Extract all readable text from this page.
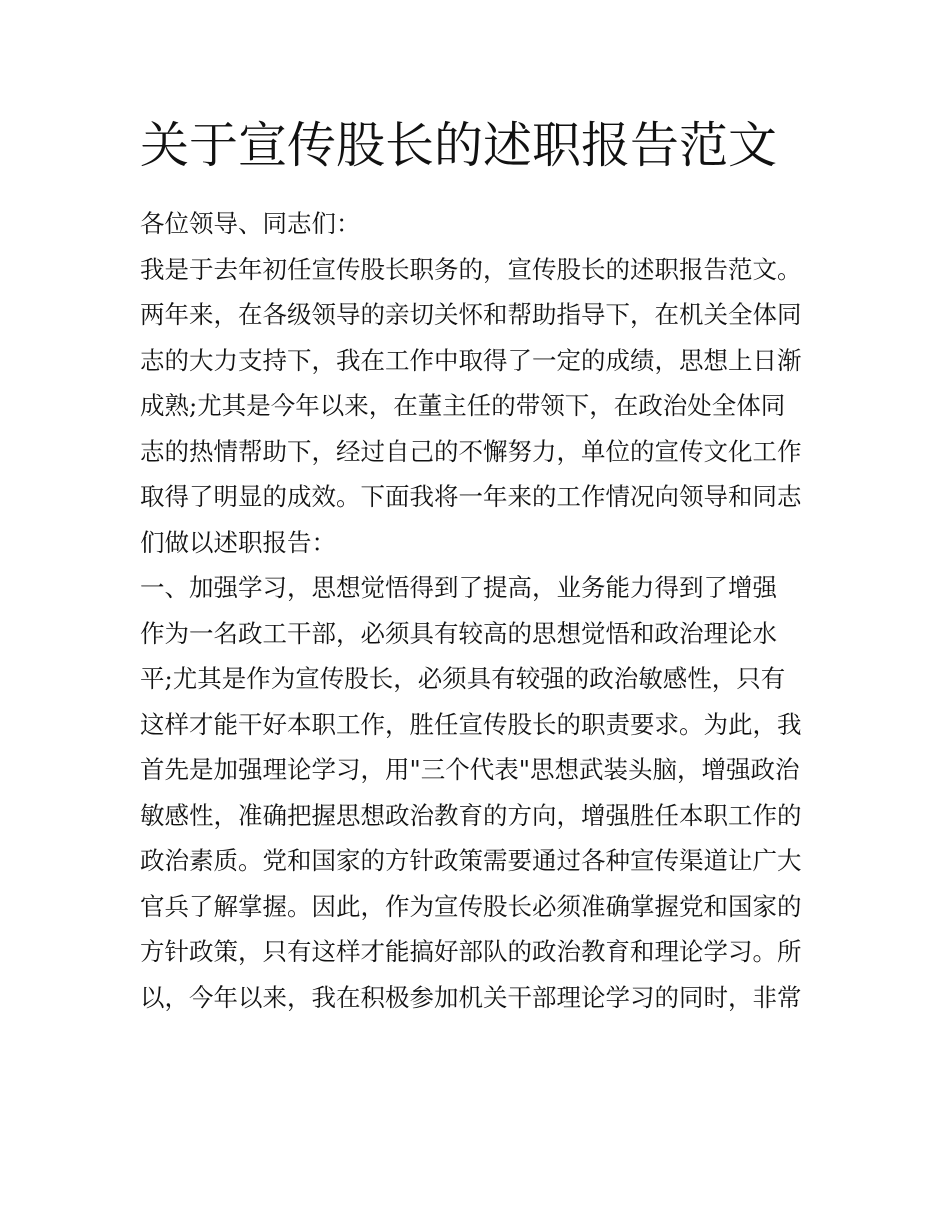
关于宣传股长的述职报告范文

各位领导、同志们：

我是于去年初任宣传股长职务的，宣传股长的述职报告范文。

两年来，在各级领导的亲切关怀和帮助指导下，在机关全体同

志的大力支持下，我在工作中取得了一定的成绩，思想上日渐

成熟;尤其是今年以来，在董主任的带领下，在政治处全体同

志的热情帮助下，经过自己的不懈努力，单位的宣传文化工作

取得了明显的成效。下面我将一年来的工作情况向领导和同志

们做以述职报告：

一、加强学习，思想觉悟得到了提高，业务能力得到了增强

作为一名政工干部，必须具有较高的思想觉悟和政治理论水

平;尤其是作为宣传股长，必须具有较强的政治敏感性，只有

这样才能干好本职工作，胜任宣传股长的职责要求。为此，我

首先是加强理论学习，用"三个代表"思想武装头脑，增强政治

敏感性，准确把握思想政治教育的方向，增强胜任本职工作的

政治素质。党和国家的方针政策需要通过各种宣传渠道让广大

官兵了解掌握。因此，作为宣传股长必须准确掌握党和国家的

方针政策，只有这样才能搞好部队的政治教育和理论学习。所

以，今年以来，我在积极参加机关干部理论学习的同时，非常
